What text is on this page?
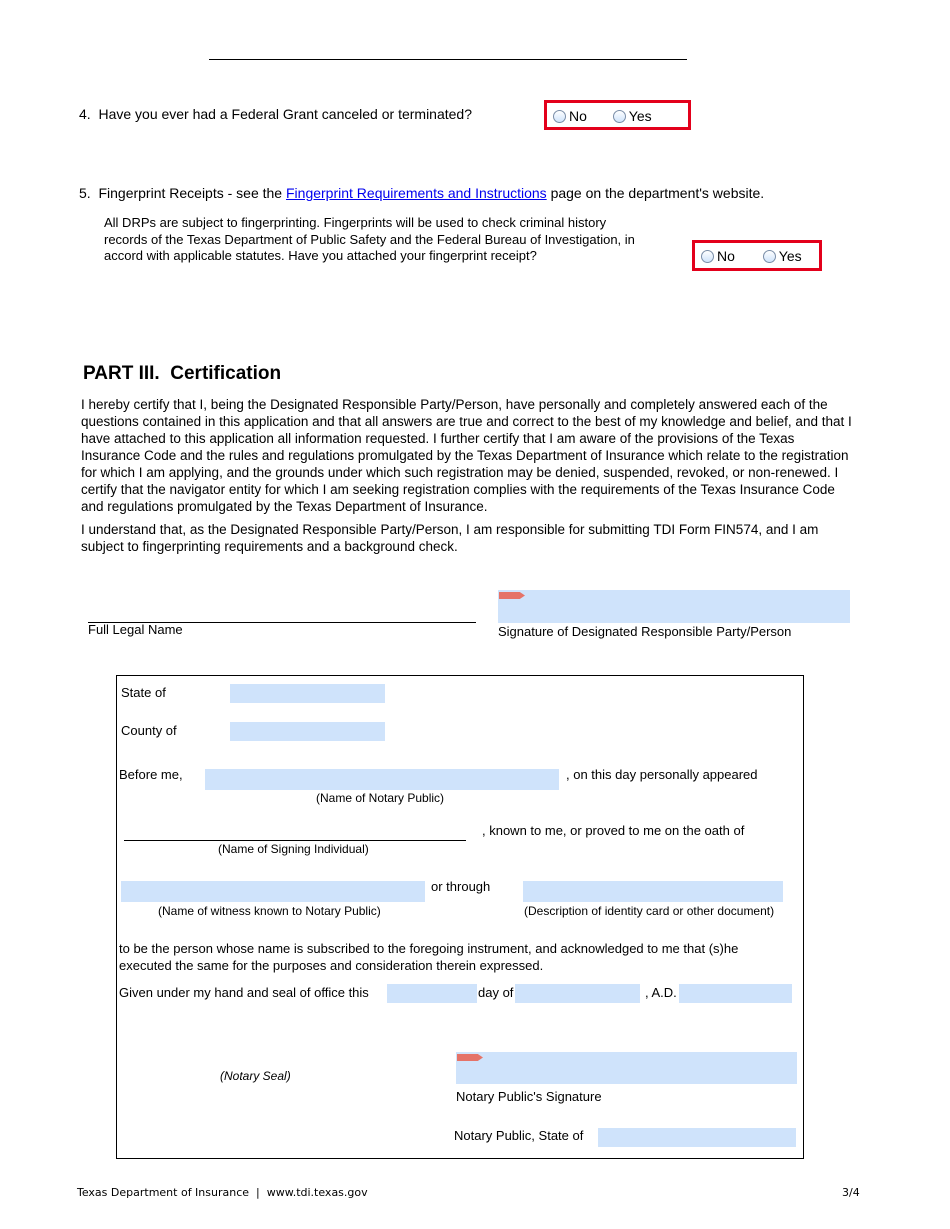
4.  Have you ever had a Federal Grant canceled or terminated?	No	Yes
5.  Fingerprint Receipts - see the Fingerprint Requirements and Instructions page on the department's website.
All DRPs are subject to fingerprinting. Fingerprints will be used to check criminal history
records of the Texas Department of Public Safety and the Federal Bureau of Investigation, in
accord with applicable statutes. Have you attached your fingerprint receipt?	No	Yes
PART III.  Certification
I hereby certify that I, being the Designated Responsible Party/Person, have personally and completely answered each of the
questions contained in this application and that all answers are true and correct to the best of my knowledge and belief, and that I
have attached to this application all information requested. I further certify that I am aware of the provisions of the Texas
Insurance Code and the rules and regulations promulgated by the Texas Department of Insurance which relate to the registration
for which I am applying, and the grounds under which such registration may be denied, suspended, revoked, or non-renewed. I
certify that the navigator entity for which I am seeking registration complies with the requirements of the Texas Insurance Code
and regulations promulgated by the Texas Department of Insurance.
I understand that, as the Designated Responsible Party/Person, I am responsible for submitting TDI Form FIN574, and I am
subject to fingerprinting requirements and a background check.
Full Legal Name	Signature of Designated Responsible Party/Person
State of
County of
Before me,	, on this day personally appeared
(Name of Notary Public)
, known to me, or proved to me on the oath of
(Name of Signing Individual)
or through
(Name of witness known to Notary Public)	(Description of identity card or other document)
to be the person whose name is subscribed to the foregoing instrument, and acknowledged to me that (s)he
executed the same for the purposes and consideration therein expressed.
Given under my hand and seal of office this	day of	, A.D.
(Notary Seal)
Notary Public's Signature
Notary Public, State of
Texas Department of Insurance  |  www.tdi.texas.gov	3/4
